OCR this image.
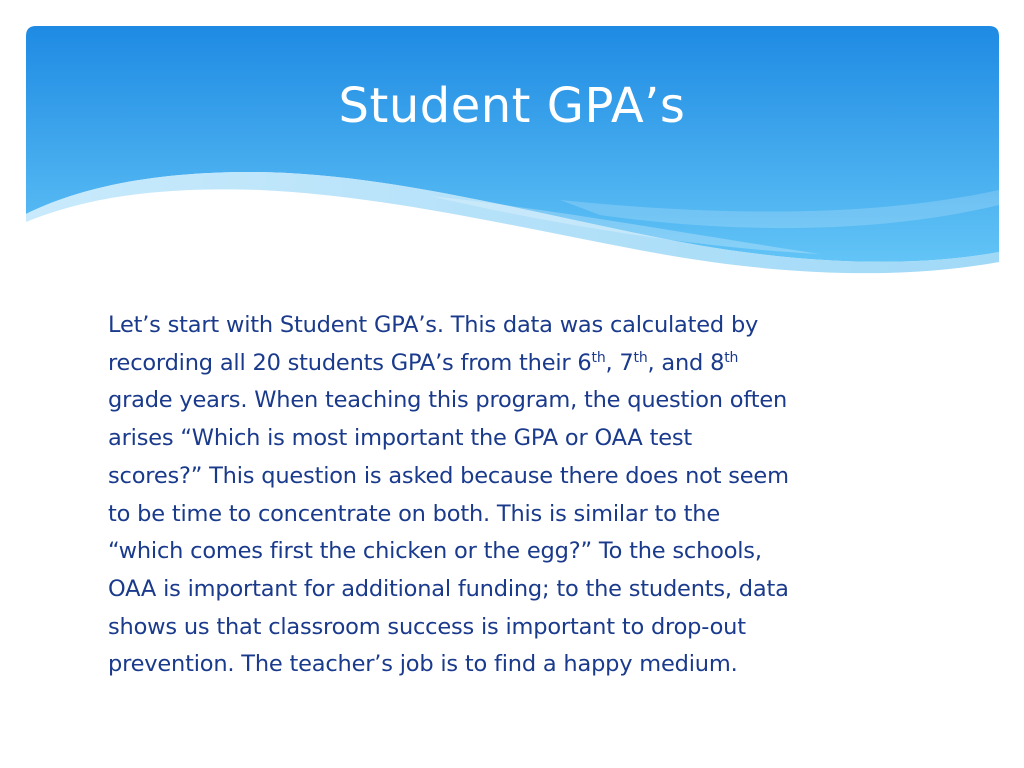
Student GPA’s

Let’s start with Student GPA’s. This data was calculated by
recording all 20 students GPA’s from their 6th, 7th, and 8th
grade years. When teaching this program, the question often
arises “Which is most important the GPA or OAA test
scores?” This question is asked because there does not seem
to be time to concentrate on both. This is similar to the
“which comes first the chicken or the egg?” To the schools,
OAA is important for additional funding; to the students, data
shows us that classroom success is important to drop-out
prevention. The teacher’s job is to find a happy medium.
